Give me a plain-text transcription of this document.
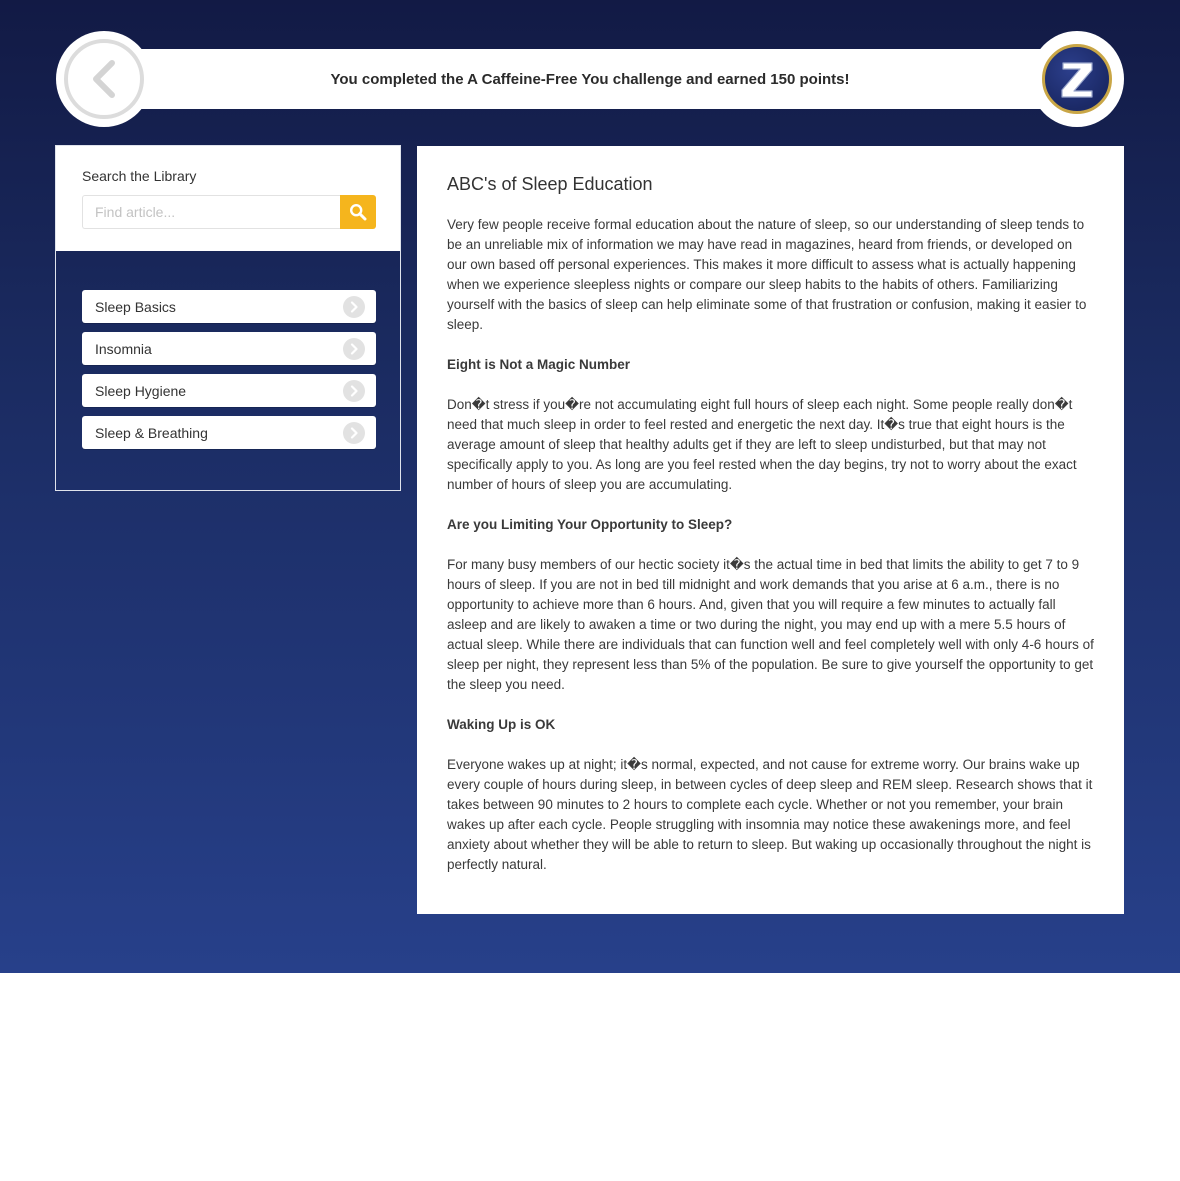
You completed the A Caffeine-Free You challenge and earned 150 points!
Search the Library
Find article...
Sleep Basics
Insomnia
Sleep Hygiene
Sleep & Breathing
ABC's of Sleep Education

Very few people receive formal education about the nature of sleep, so our understanding of sleep tends to be an unreliable mix of information we may have read in magazines, heard from friends, or developed on our own based off personal experiences. This makes it more difficult to assess what is actually happening when we experience sleepless nights or compare our sleep habits to the habits of others. Familiarizing yourself with the basics of sleep can help eliminate some of that frustration or confusion, making it easier to sleep.

Eight is Not a Magic Number

Don�t stress if you�re not accumulating eight full hours of sleep each night. Some people really don�t need that much sleep in order to feel rested and energetic the next day. It�s true that eight hours is the average amount of sleep that healthy adults get if they are left to sleep undisturbed, but that may not specifically apply to you. As long are you feel rested when the day begins, try not to worry about the exact number of hours of sleep you are accumulating.

Are you Limiting Your Opportunity to Sleep?

For many busy members of our hectic society it�s the actual time in bed that limits the ability to get 7 to 9 hours of sleep. If you are not in bed till midnight and work demands that you arise at 6 a.m., there is no opportunity to achieve more than 6 hours. And, given that you will require a few minutes to actually fall asleep and are likely to awaken a time or two during the night, you may end up with a mere 5.5 hours of actual sleep. While there are individuals that can function well and feel completely well with only 4-6 hours of sleep per night, they represent less than 5% of the population. Be sure to give yourself the opportunity to get the sleep you need.

Waking Up is OK

Everyone wakes up at night; it�s normal, expected, and not cause for extreme worry. Our brains wake up every couple of hours during sleep, in between cycles of deep sleep and REM sleep. Research shows that it takes between 90 minutes to 2 hours to complete each cycle. Whether or not you remember, your brain wakes up after each cycle. People struggling with insomnia may notice these awakenings more, and feel anxiety about whether they will be able to return to sleep. But waking up occasionally throughout the night is perfectly natural.
